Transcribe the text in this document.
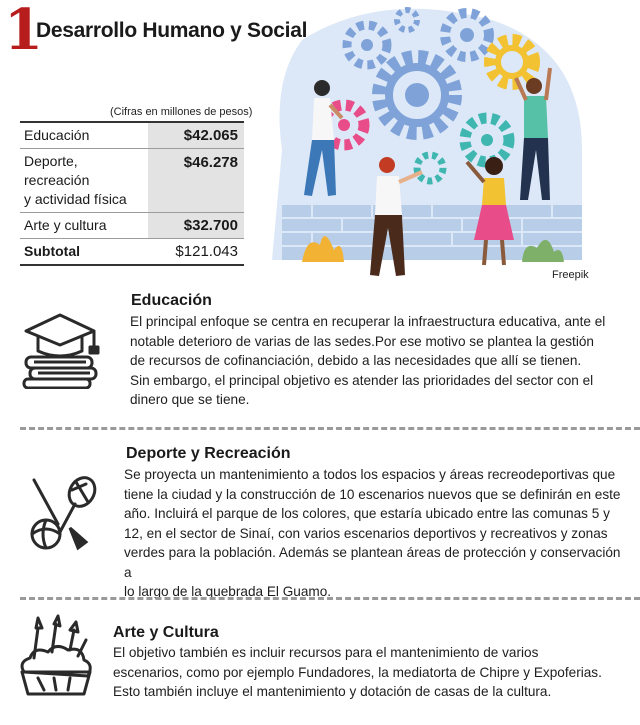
1
Desarrollo Humano y Social
(Cifras en millones de pesos)
Educación	$42.065
Deporte, recreación
y actividad física	$46.278
Arte y cultura	$32.700
Subtotal	$121.043
Freepik
Educación
El principal enfoque se centra en recuperar la infraestructura educativa, ante el
notable deterioro de varias de las sedes.Por ese motivo se plantea la gestión
de recursos de cofinanciación, debido a las necesidades que allí se tienen.
Sin embargo, el principal objetivo es atender las prioridades del sector con el
dinero que se tiene.
Deporte y Recreación
Se proyecta un mantenimiento a todos los espacios y áreas recreodeportivas que
tiene la ciudad y la construcción de 10 escenarios nuevos que se definirán en este
año. Incluirá el parque de los colores, que estaría ubicado entre las comunas 5 y
12, en el sector de Sinaí, con varios escenarios deportivos y recreativos y zonas
verdes para la población. Además se plantean áreas de protección y conservación a
lo largo de la quebrada El Guamo.
Arte y Cultura
El objetivo también es incluir recursos para el mantenimiento de varios
escenarios, como por ejemplo Fundadores, la mediatorta de Chipre y Expoferias.
Esto también incluye el mantenimiento y dotación de casas de la cultura.
